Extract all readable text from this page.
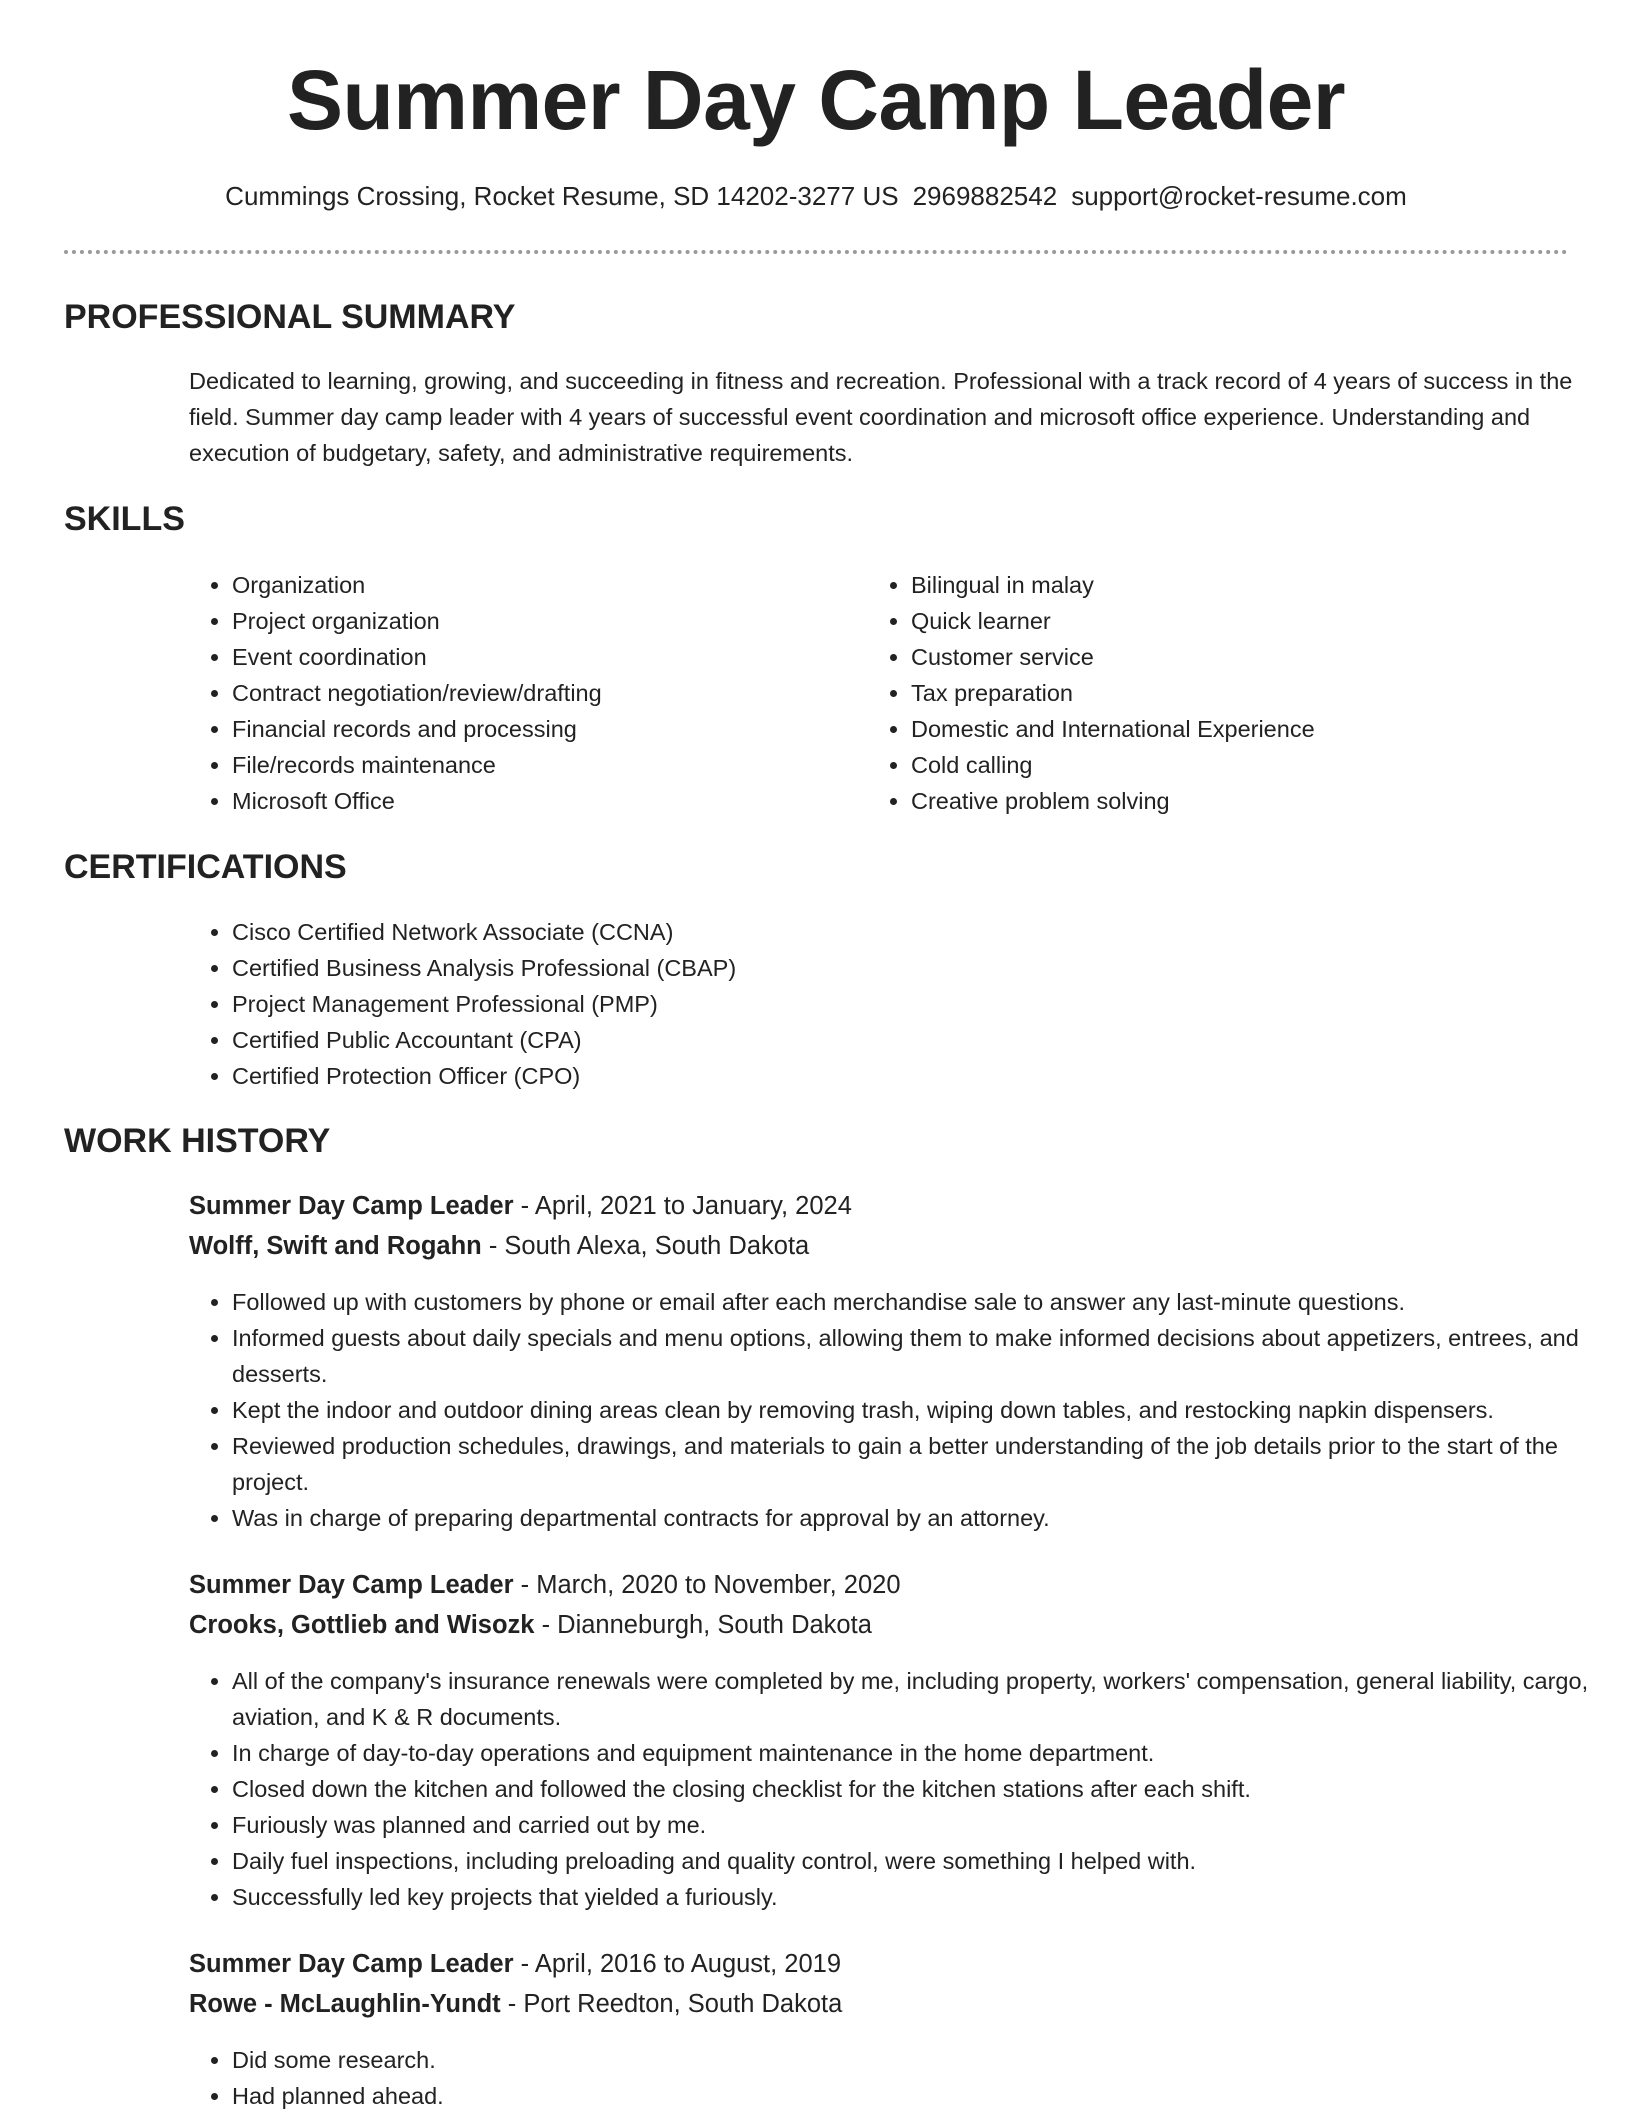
Summer Day Camp Leader
Cummings Crossing, Rocket Resume, SD 14202-3277 US 2969882542 support@rocket-resume.com
PROFESSIONAL SUMMARY

Dedicated to learning, growing, and succeeding in fitness and recreation. Professional with a track record of 4 years of success in the field. Summer day camp leader with 4 years of successful event coordination and microsoft office experience. Understanding and execution of budgetary, safety, and administrative requirements.

SKILLS
• Organization
• Project organization
• Event coordination
• Contract negotiation/review/drafting
• Financial records and processing
• File/records maintenance
• Microsoft Office
• Bilingual in malay
• Quick learner
• Customer service
• Tax preparation
• Domestic and International Experience
• Cold calling
• Creative problem solving
CERTIFICATIONS
• Cisco Certified Network Associate (CCNA)
• Certified Business Analysis Professional (CBAP)
• Project Management Professional (PMP)
• Certified Public Accountant (CPA)
• Certified Protection Officer (CPO)
WORK HISTORY
Summer Day Camp Leader - April, 2021 to January, 2024
Wolff, Swift and Rogahn - South Alexa, South Dakota
• Followed up with customers by phone or email after each merchandise sale to answer any last-minute questions.
• Informed guests about daily specials and menu options, allowing them to make informed decisions about appetizers, entrees, and desserts.
• Kept the indoor and outdoor dining areas clean by removing trash, wiping down tables, and restocking napkin dispensers.
• Reviewed production schedules, drawings, and materials to gain a better understanding of the job details prior to the start of the project.
• Was in charge of preparing departmental contracts for approval by an attorney.
Summer Day Camp Leader - March, 2020 to November, 2020
Crooks, Gottlieb and Wisozk - Dianneburgh, South Dakota
• All of the company's insurance renewals were completed by me, including property, workers' compensation, general liability, cargo, aviation, and K & R documents.
• In charge of day-to-day operations and equipment maintenance in the home department.
• Closed down the kitchen and followed the closing checklist for the kitchen stations after each shift.
• Furiously was planned and carried out by me.
• Daily fuel inspections, including preloading and quality control, were something I helped with.
• Successfully led key projects that yielded a furiously.
Summer Day Camp Leader - April, 2016 to August, 2019
Rowe - McLaughlin-Yundt - Port Reedton, South Dakota
• Did some research.
• Had planned ahead.
